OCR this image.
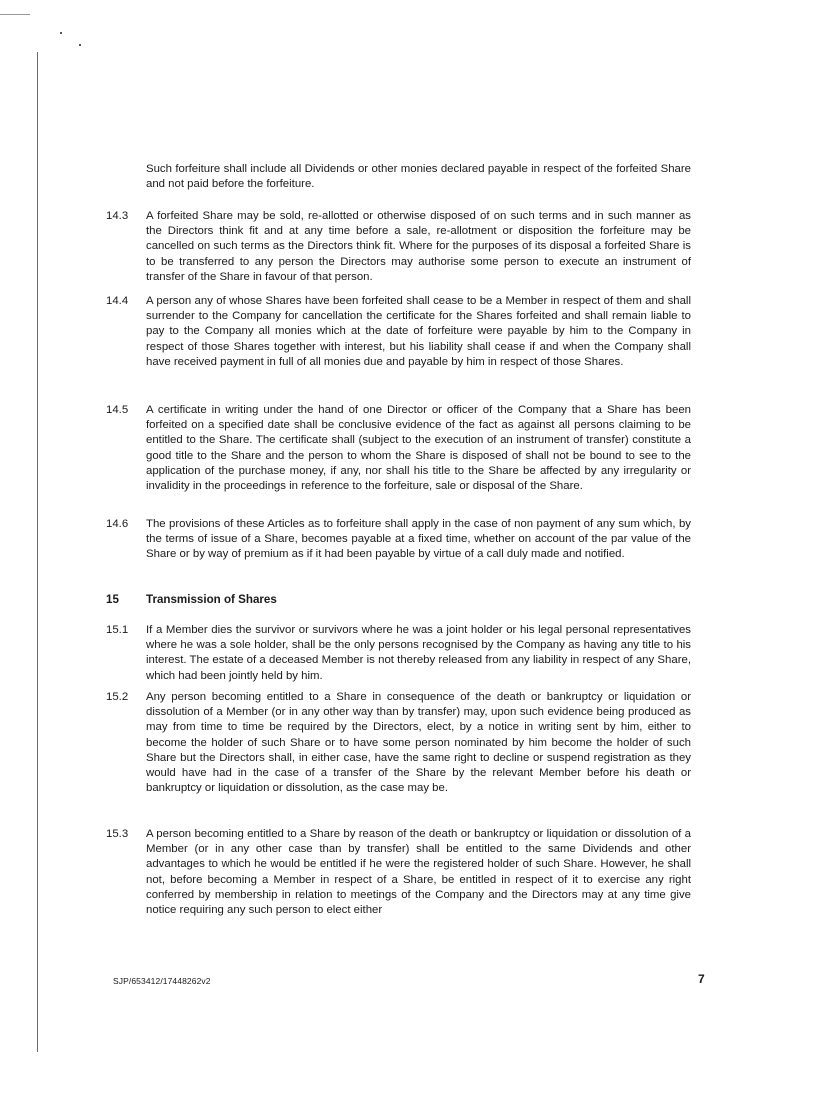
Such forfeiture shall include all Dividends or other monies declared payable in respect of the forfeited Share and not paid before the forfeiture.
14.3 A forfeited Share may be sold, re-allotted or otherwise disposed of on such terms and in such manner as the Directors think fit and at any time before a sale, re-allotment or disposition the forfeiture may be cancelled on such terms as the Directors think fit. Where for the purposes of its disposal a forfeited Share is to be transferred to any person the Directors may authorise some person to execute an instrument of transfer of the Share in favour of that person.
14.4 A person any of whose Shares have been forfeited shall cease to be a Member in respect of them and shall surrender to the Company for cancellation the certificate for the Shares forfeited and shall remain liable to pay to the Company all monies which at the date of forfeiture were payable by him to the Company in respect of those Shares together with interest, but his liability shall cease if and when the Company shall have received payment in full of all monies due and payable by him in respect of those Shares.
14.5 A certificate in writing under the hand of one Director or officer of the Company that a Share has been forfeited on a specified date shall be conclusive evidence of the fact as against all persons claiming to be entitled to the Share. The certificate shall (subject to the execution of an instrument of transfer) constitute a good title to the Share and the person to whom the Share is disposed of shall not be bound to see to the application of the purchase money, if any, nor shall his title to the Share be affected by any irregularity or invalidity in the proceedings in reference to the forfeiture, sale or disposal of the Share.
14.6 The provisions of these Articles as to forfeiture shall apply in the case of non payment of any sum which, by the terms of issue of a Share, becomes payable at a fixed time, whether on account of the par value of the Share or by way of premium as if it had been payable by virtue of a call duly made and notified.
15 Transmission of Shares
15.1 If a Member dies the survivor or survivors where he was a joint holder or his legal personal representatives where he was a sole holder, shall be the only persons recognised by the Company as having any title to his interest. The estate of a deceased Member is not thereby released from any liability in respect of any Share, which had been jointly held by him.
15.2 Any person becoming entitled to a Share in consequence of the death or bankruptcy or liquidation or dissolution of a Member (or in any other way than by transfer) may, upon such evidence being produced as may from time to time be required by the Directors, elect, by a notice in writing sent by him, either to become the holder of such Share or to have some person nominated by him become the holder of such Share but the Directors shall, in either case, have the same right to decline or suspend registration as they would have had in the case of a transfer of the Share by the relevant Member before his death or bankruptcy or liquidation or dissolution, as the case may be.
15.3 A person becoming entitled to a Share by reason of the death or bankruptcy or liquidation or dissolution of a Member (or in any other case than by transfer) shall be entitled to the same Dividends and other advantages to which he would be entitled if he were the registered holder of such Share. However, he shall not, before becoming a Member in respect of a Share, be entitled in respect of it to exercise any right conferred by membership in relation to meetings of the Company and the Directors may at any time give notice requiring any such person to elect either
SJP/653412/17448262v2	7
